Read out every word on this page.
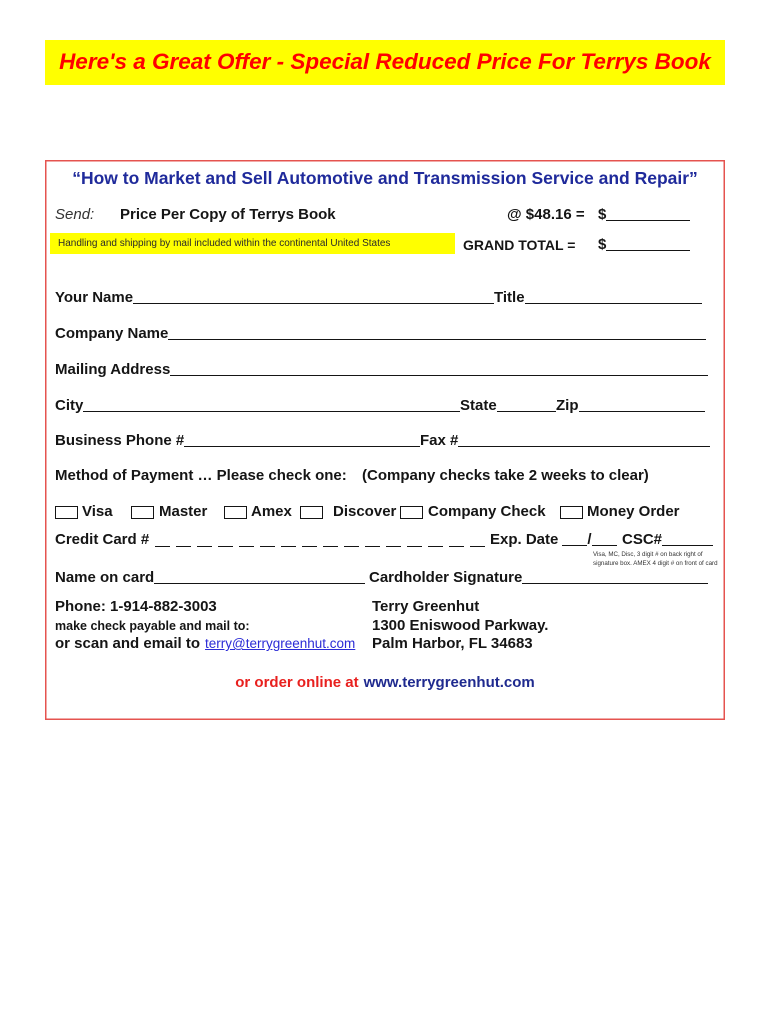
Here's a Great Offer - Special Reduced Price For Terrys Book
“How to Market and Sell Automotive and Transmission Service and Repair”
Send: Price Per Copy of Terrys Book	@ $48.16 = $
Handling and shipping by mail included within the continental United States	GRAND TOTAL = $
Your Name	Title
Company Name
Mailing Address
City	State	Zip
Business Phone #	Fax #
Method of Payment … Please check one: (Company checks take 2 weeks to clear)
Visa	Master	Amex	Discover Company Check	Money Order
Credit Card #	Exp. Date / CSC#
Visa, MC, Disc, 3 digit # on back right of signature box. AMEX 4 digit # on front of card
Name on card	Cardholder Signature
Phone: 1-914-882-3003
make check payable and mail to:
or scan and email to terry@terrygreenhut.com
Terry Greenhut
1300 Eniswood Parkway.
Palm Harbor, FL 34683
or order online at www.terrygreenhut.com
